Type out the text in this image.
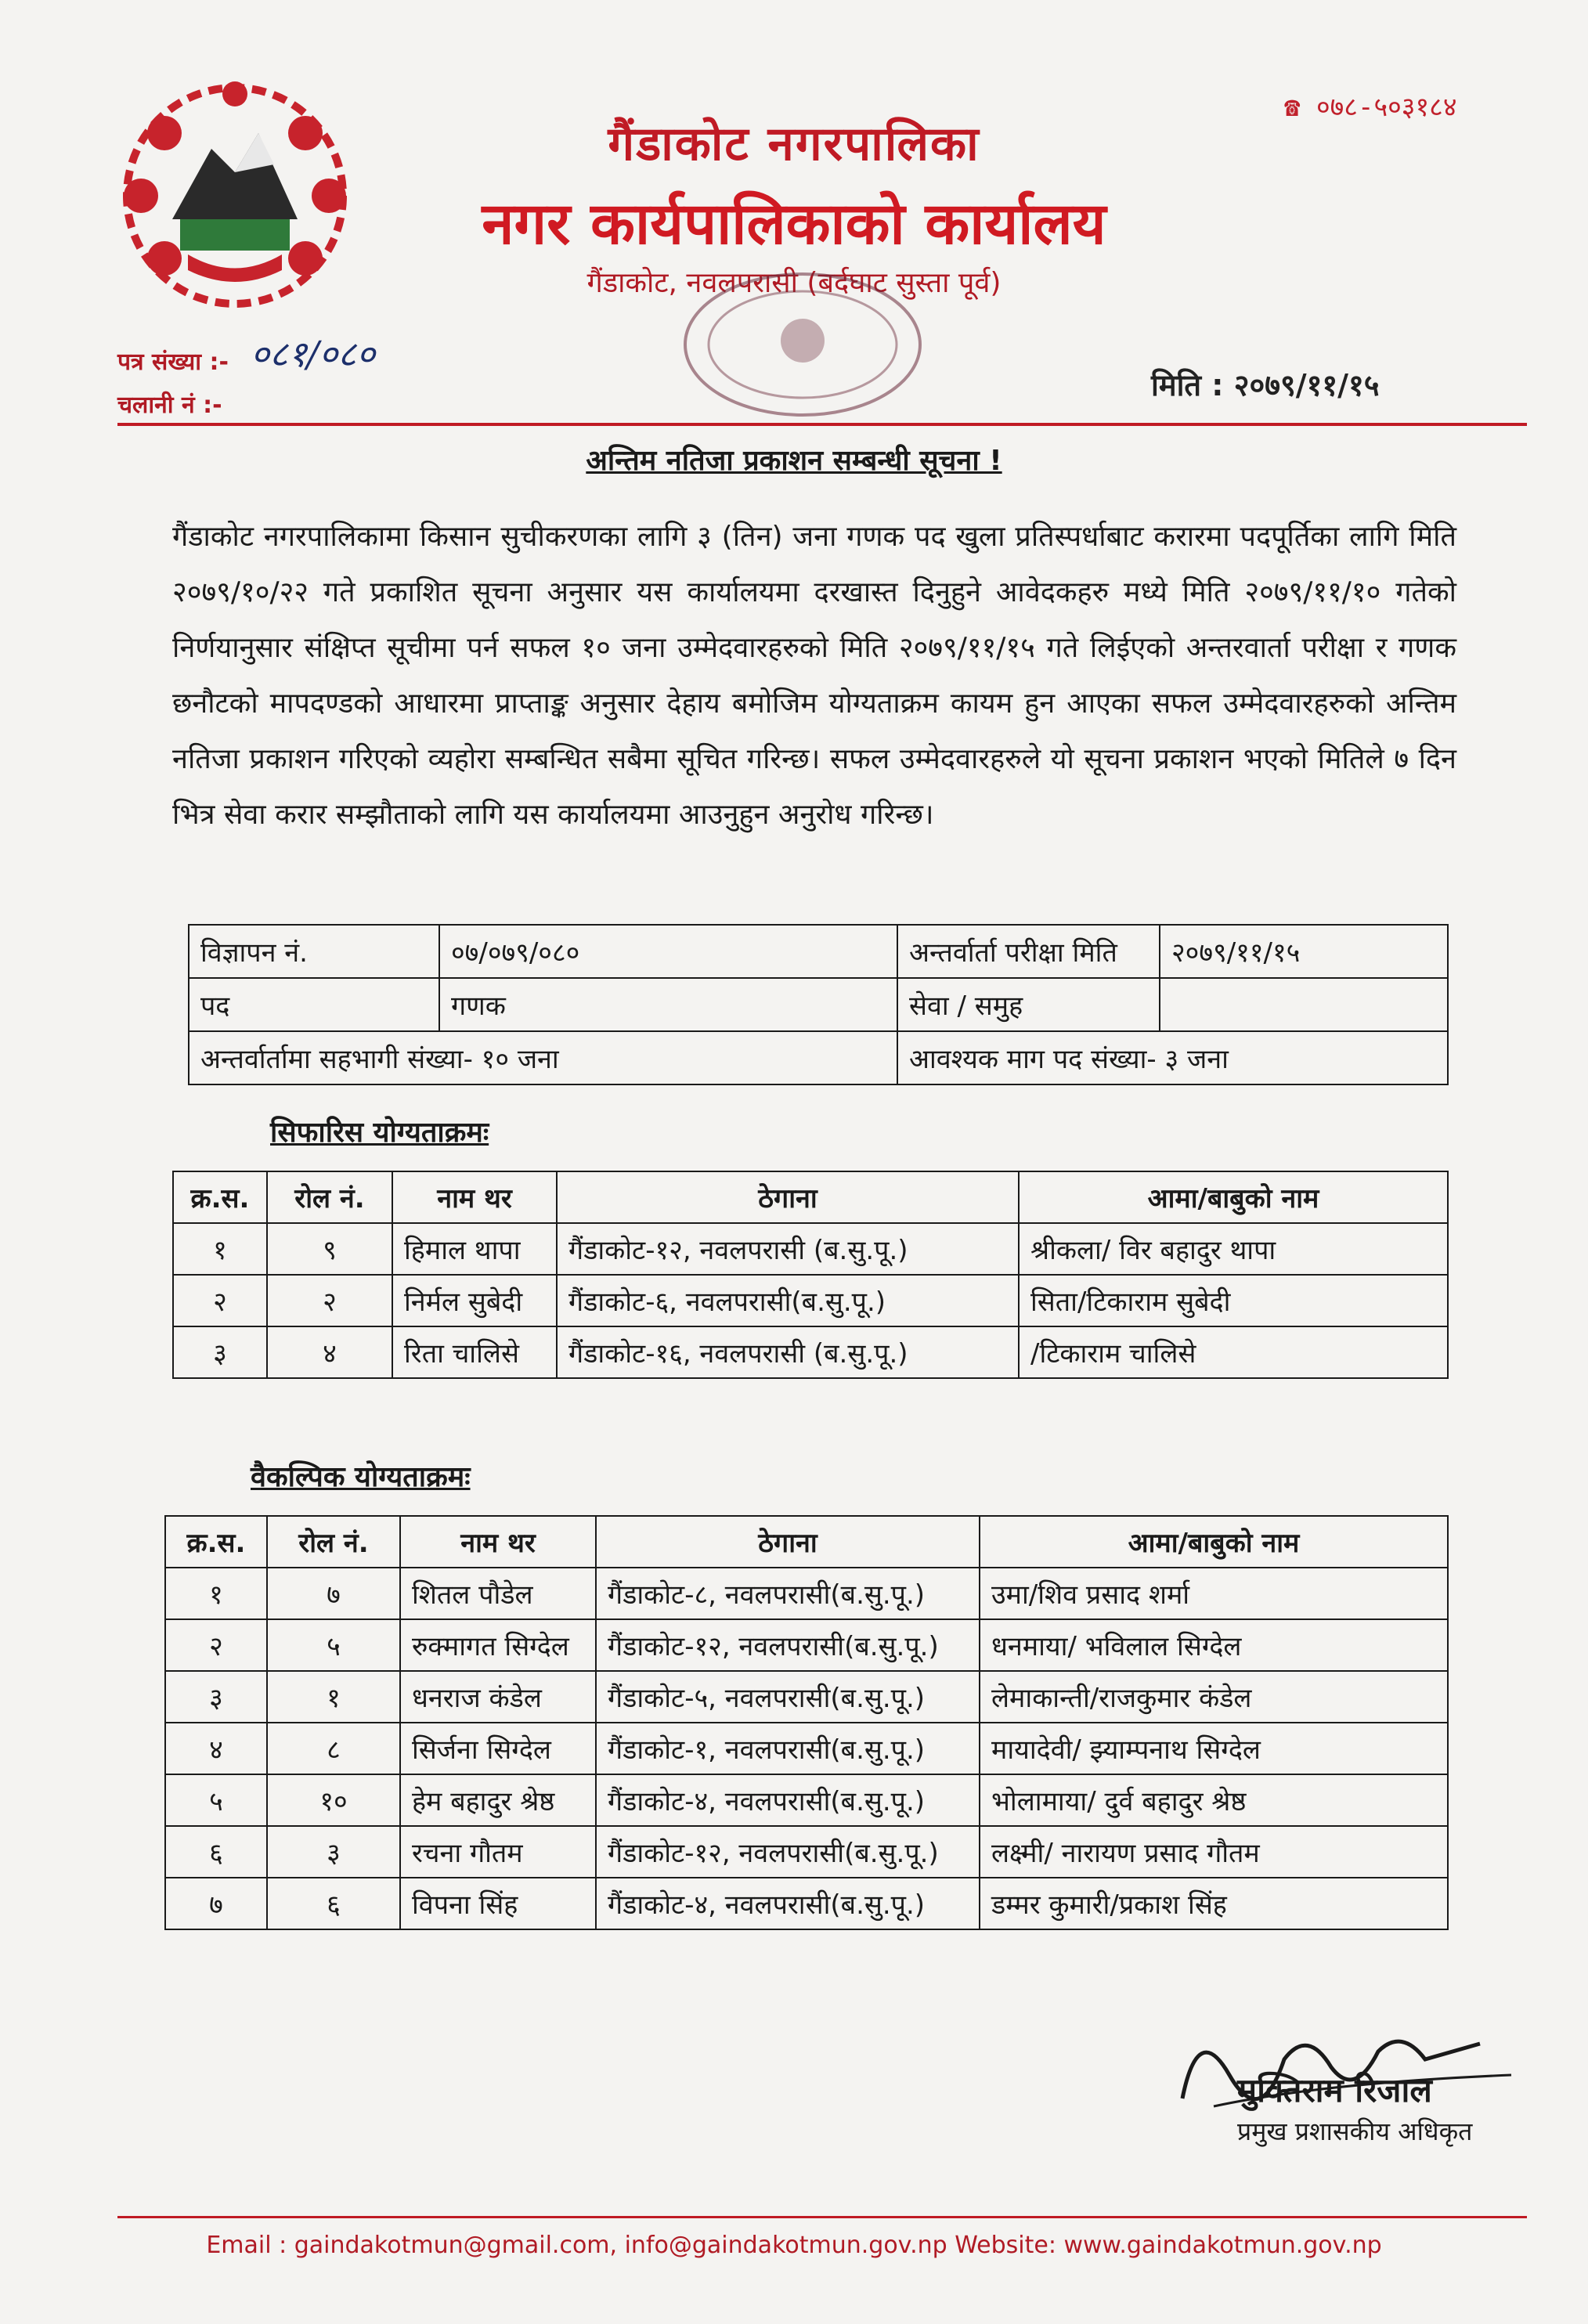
☎ ०७८-५०३१८४
गैंडाकोट नगरपालिका
नगर कार्यपालिकाको कार्यालय
गैंडाकोट, नवलपरासी (बर्दघाट सुस्ता पूर्व)
पत्र संख्या :- ०८१/०८०
चलानी नं :-
मिति : २०७९/११/१५
अन्तिम नतिजा प्रकाशन सम्बन्धी सूचना !
गैंडाकोट नगरपालिकामा किसान सुचीकरणका लागि ३ (तिन) जना गणक पद खुला प्रतिस्पर्धाबाट करारमा पदपूर्तिका लागि मिति २०७९/१०/२२ गते प्रकाशित सूचना अनुसार यस कार्यालयमा दरखास्त दिनुहुने आवेदकहरु मध्ये मिति २०७९/११/१० गतेको निर्णयानुसार संक्षिप्त सूचीमा पर्न सफल १० जना उम्मेदवारहरुको मिति २०७९/११/१५ गते लिईएको अन्तरवार्ता परीक्षा र गणक छनौटको मापदण्डको आधारमा प्राप्ताङ्क अनुसार देहाय बमोजिम योग्यताक्रम कायम हुन आएका सफल उम्मेदवारहरुको अन्तिम नतिजा प्रकाशन गरिएको व्यहोरा सम्बन्धित सबैमा सूचित गरिन्छ। सफल उम्मेदवारहरुले यो सूचना प्रकाशन भएको मितिले ७ दिन भित्र सेवा करार सम्झौताको लागि यस कार्यालयमा आउनुहुन अनुरोध गरिन्छ।
विज्ञापन नं.	०७/०७९/०८०	अन्तर्वार्ता परीक्षा मिति	२०७९/११/१५
पद	गणक	सेवा / समुह	
अन्तर्वार्तामा सहभागी संख्या- १० जना		आवश्यक माग पद संख्या- ३ जना	
सिफारिस योग्यताक्रमः
क्र.स.	रोल नं.	नाम थर	ठेगाना	आमा/बाबुको नाम
१	९	हिमाल थापा	गैंडाकोट-१२, नवलपरासी (ब.सु.पू.)	श्रीकला/ विर बहादुर थापा
२	२	निर्मल सुबेदी	गैंडाकोट-६, नवलपरासी(ब.सु.पू.)	सिता/टिकाराम सुबेदी
३	४	रिता चालिसे	गैंडाकोट-१६, नवलपरासी (ब.सु.पू.)	/टिकाराम चालिसे
वैकल्पिक योग्यताक्रमः
क्र.स.	रोल नं.	नाम थर	ठेगाना	आमा/बाबुको नाम
१	७	शितल पौडेल	गैंडाकोट-८, नवलपरासी(ब.सु.पू.)	उमा/शिव प्रसाद शर्मा
२	५	रुक्मागत सिग्देल	गैंडाकोट-१२, नवलपरासी(ब.सु.पू.)	धनमाया/ भविलाल सिग्देल
३	१	धनराज कंडेल	गैंडाकोट-५, नवलपरासी(ब.सु.पू.)	लेमाकान्ती/राजकुमार कंडेल
४	८	सिर्जना सिग्देल	गैंडाकोट-१, नवलपरासी(ब.सु.पू.)	मायादेवी/ झ्याम्पनाथ सिग्देल
५	१०	हेम बहादुर श्रेष्ठ	गैंडाकोट-४, नवलपरासी(ब.सु.पू.)	भोलामाया/ दुर्व बहादुर श्रेष्ठ
६	३	रचना गौतम	गैंडाकोट-१२, नवलपरासी(ब.सु.पू.)	लक्ष्मी/ नारायण प्रसाद गौतम
७	६	विपना सिंह	गैंडाकोट-४, नवलपरासी(ब.सु.पू.)	डम्मर कुमारी/प्रकाश सिंह
मुक्तिराम रिजाल
प्रमुख प्रशासकीय अधिकृत
Email : gaindakotmun@gmail.com, info@gaindakotmun.gov.np Website: www.gaindakotmun.gov.np
